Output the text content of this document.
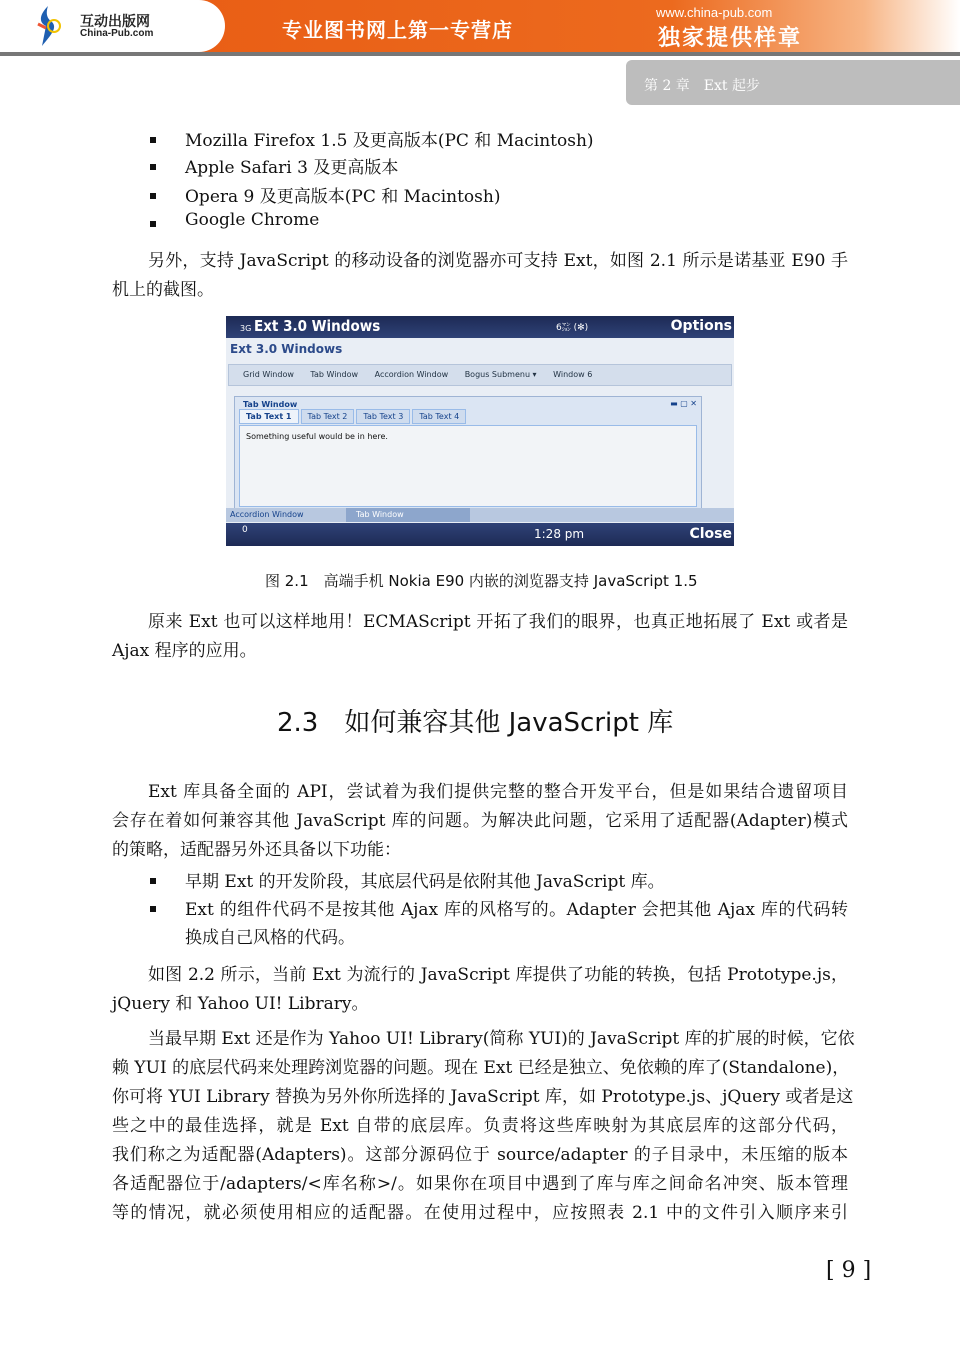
互动出版网
China-Pub.com	专业图书网上第一专营店
www.china-pub.com
独家提供样章
第 2 章　Ext 起步
Mozilla Firefox 1.5 及更高版本(PC 和 Macintosh)
Apple Safari 3 及更高版本
Opera 9 及更高版本(PC 和 Macintosh)
Google Chrome
另外，支持 JavaScript 的移动设备的浏览器亦可支持 Ext，如图 2.1 所示是诺基亚 E90 手
机上的截图。
原来 Ext 也可以这样地用！ECMAScript 开拓了我们的眼界，也真正地拓展了 Ext 或者是
Ajax 程序的应用。
Ext 库具备全面的 API，尝试着为我们提供完整的整合开发平台，但是如果结合遗留项目
会存在着如何兼容其他 JavaScript 库的问题。为解决此问题，它采用了适配器(Adapter)模式
的策略，适配器另外还具备以下功能：
早期 Ext 的开发阶段，其底层代码是依附其他 JavaScript 库。
Ext 的组件代码不是按其他 Ajax 库的风格写的。Adapter 会把其他 Ajax 库的代码转
换成自己风格的代码。
如图 2.2 所示，当前 Ext 为流行的 JavaScript 库提供了功能的转换，包括 Prototype.js，
jQuery 和 Yahoo UI! Library。
当最早期 Ext 还是作为 Yahoo UI! Library(简称 YUI)的 JavaScript 库的扩展的时候，它依
赖 YUI 的底层代码来处理跨浏览器的问题。现在 Ext 已经是独立、免依赖的库了(Standalone)，
你可将 YUI Library 替换为另外你所选择的 JavaScript 库，如 Prototype.js、jQuery 或者是这
些之中的最佳选择，就是 Ext 自带的底层库。负责将这些库映射为其底层库的这部分代码，
我们称之为适配器(Adapters)。这部分源码位于 source/adapter 的子目录中，未压缩的版本
各适配器位于/adapters/<库名称>/。如果你在项目中遇到了库与库之间命名冲突、版本管理
等的情况，就必须使用相应的适配器。在使用过程中，应按照表 2.1 中的文件引入顺序来引
3G Ext 3.0 Windows	6㍇ (✻)	Options
Ext 3.0 Windows
Grid Window Tab Window Accordion Window Bogus Submenu ▾ Window 6
Tab Window	▬ ▢ ✕
Tab Text 1 Tab Text 2 Tab Text 3 Tab Text 4
Something useful would be in here.
Accordion Window	Tab Window
0	1:28 pm	Close
图 2.1　高端手机 Nokia E90 内嵌的浏览器支持 JavaScript 1.5
2.3　如何兼容其他 JavaScript 库
[ 9 ]
